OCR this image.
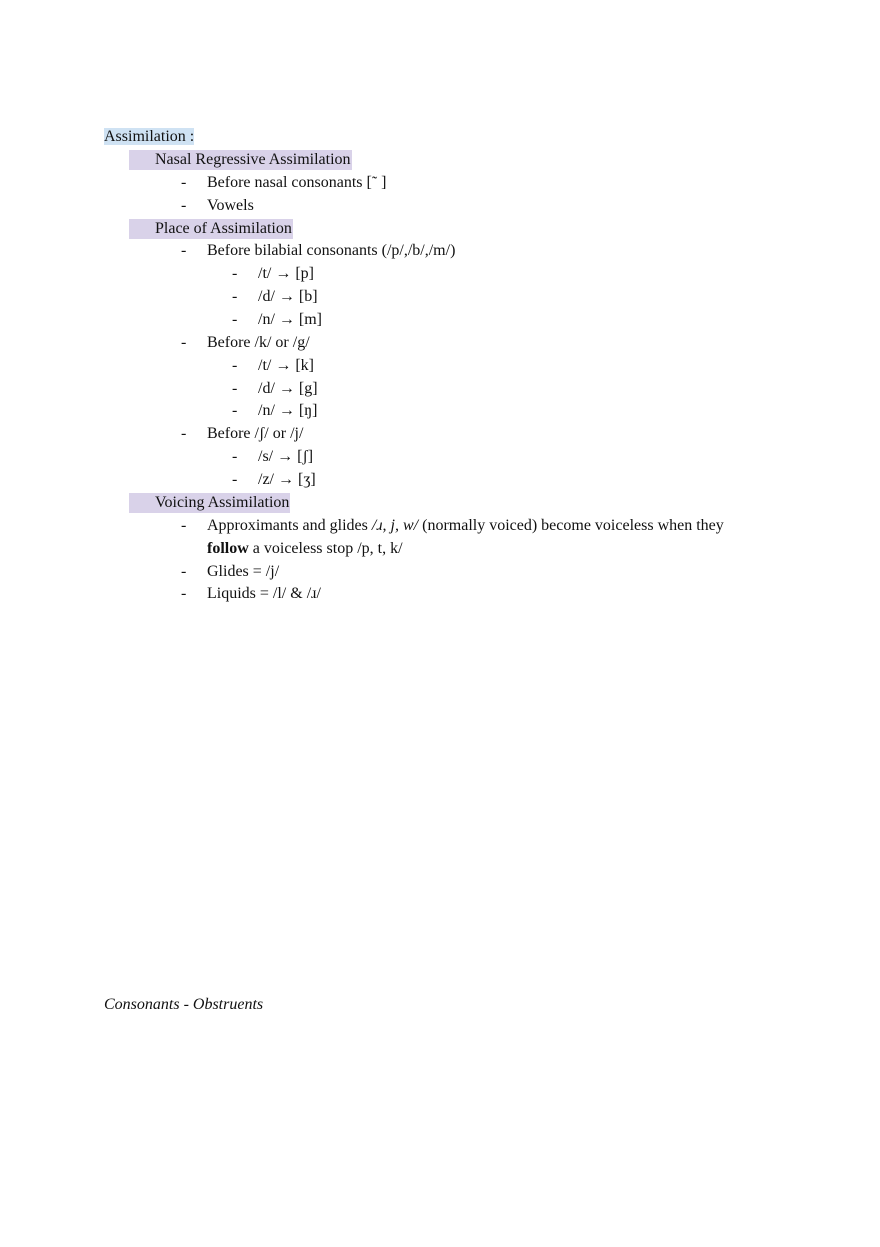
Assimilation :
Nasal Regressive Assimilation
- Before nasal consonants [˜ ]
- Vowels
Place of Assimilation
- Before bilabial consonants (/p/,/b/,/m/)
- /t/ → [p]
- /d/ → [b]
- /n/ → [m]
- Before /k/ or /g/
- /t/ → [k]
- /d/ → [g]
- /n/ → [ŋ]
- Before /ʃ/ or /j/
- /s/ → [ʃ]
- /z/ → [ʒ]
Voicing Assimilation
- Approximants and glides /ɹ, j, w/ (normally voiced) become voiceless when they
follow a voiceless stop /p, t, k/
- Glides = /j/
- Liquids = /l/ & /ɹ/
Consonants - Obstruents
